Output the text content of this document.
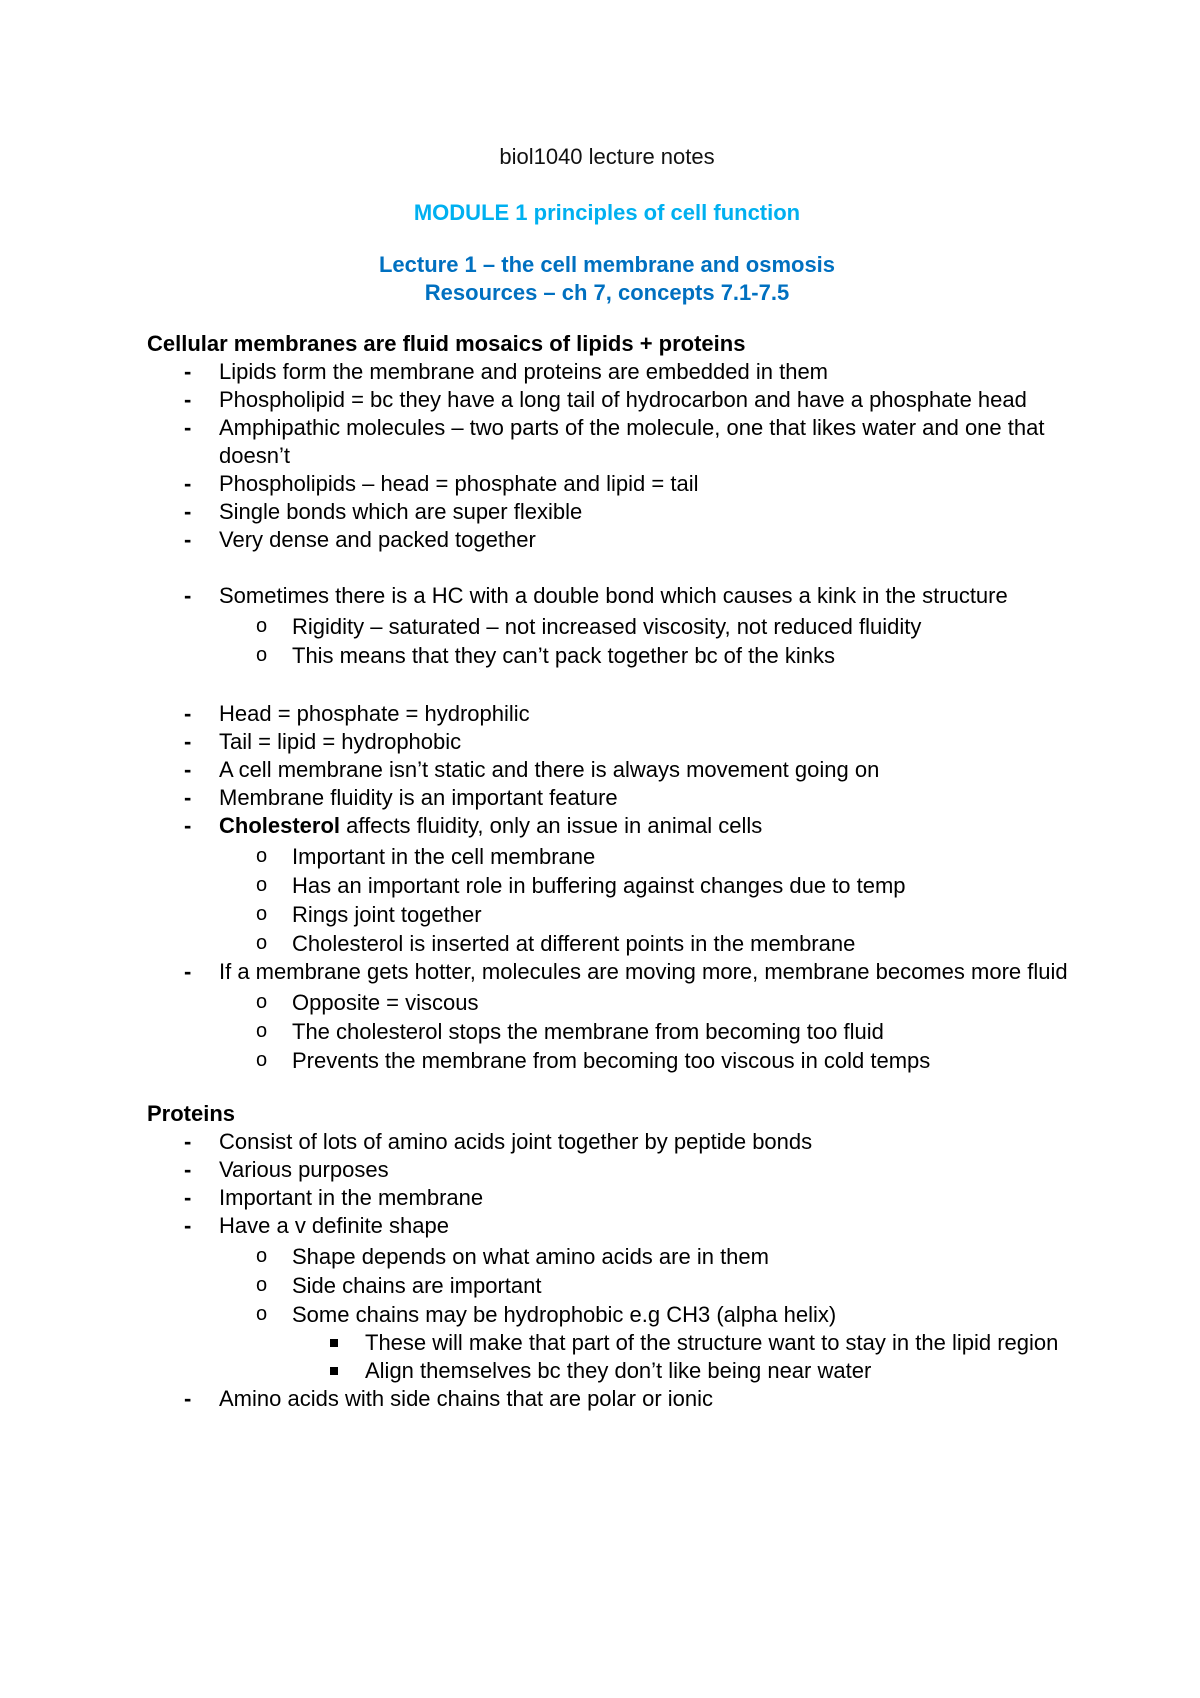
biol1040 lecture notes
MODULE 1 principles of cell function
Lecture 1 – the cell membrane and osmosis
Resources – ch 7, concepts 7.1-7.5
Cellular membranes are fluid mosaics of lipids + proteins
- Lipids form the membrane and proteins are embedded in them
- Phospholipid = bc they have a long tail of hydrocarbon and have a phosphate head
- Amphipathic molecules – two parts of the molecule, one that likes water and one that doesn’t
- Phospholipids – head = phosphate and lipid = tail
- Single bonds which are super flexible
- Very dense and packed together
- Sometimes there is a HC with a double bond which causes a kink in the structure
o Rigidity – saturated – not increased viscosity, not reduced fluidity
o This means that they can’t pack together bc of the kinks
- Head = phosphate = hydrophilic
- Tail = lipid = hydrophobic
- A cell membrane isn’t static and there is always movement going on
- Membrane fluidity is an important feature
- Cholesterol affects fluidity, only an issue in animal cells
o Important in the cell membrane
o Has an important role in buffering against changes due to temp
o Rings joint together
o Cholesterol is inserted at different points in the membrane
- If a membrane gets hotter, molecules are moving more, membrane becomes more fluid
o Opposite = viscous
o The cholesterol stops the membrane from becoming too fluid
o Prevents the membrane from becoming too viscous in cold temps
Proteins
- Consist of lots of amino acids joint together by peptide bonds
- Various purposes
- Important in the membrane
- Have a v definite shape
o Shape depends on what amino acids are in them
o Side chains are important
o Some chains may be hydrophobic e.g CH3 (alpha helix)
These will make that part of the structure want to stay in the lipid region
Align themselves bc they don’t like being near water
- Amino acids with side chains that are polar or ionic
